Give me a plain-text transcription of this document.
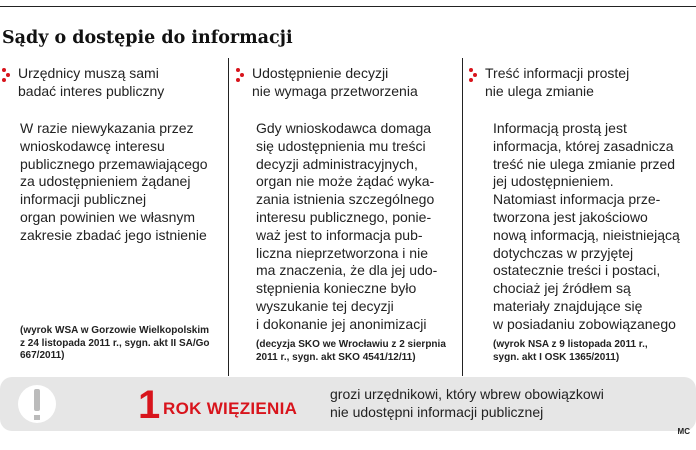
Sądy o dostępie do informacji
Urzędnicy muszą sami
badać interes publiczny
W razie niewykazania przez
wnioskodawcę interesu
publicznego przemawiającego
za udostępnieniem żądanej
informacji publicznej
organ powinien we własnym
zakresie zbadać jego istnienie
(wyrok WSA w Gorzowie Wielkopolskim
z 24 listopada 2011 r., sygn. akt II SA/Go
667/2011)
Udostępnienie decyzji
nie wymaga przetworzenia
Gdy wnioskodawca domaga
się udostępnienia mu treści
decyzji administracyjnych,
organ nie może żądać wyka-
zania istnienia szczególnego
interesu publicznego, ponie-
waż jest to informacja pub-
liczna nieprzetworzona i nie
ma znaczenia, że dla jej udo-
stępnienia konieczne było
wyszukanie tej decyzji
i dokonanie jej anonimizacji
(decyzja SKO we Wrocławiu z 2 sierpnia
2011 r., sygn. akt SKO 4541/12/11)
Treść informacji prostej
nie ulega zmianie
Informacją prostą jest
informacja, której zasadnicza
treść nie ulega zmianie przed
jej udostępnieniem.
Natomiast informacja prze-
tworzona jest jakościowo
nową informacją, nieistniejącą
dotychczas w przyjętej
ostatecznie treści i postaci,
chociaż jej źródłem są
materiały znajdujące się
w posiadaniu zobowiązanego
(wyrok NSA z 9 listopada 2011 r.,
sygn. akt I OSK 1365/2011)
1 ROK WIĘZIENIA
grozi urzędnikowi, który wbrew obowiązkowi
nie udostępni informacji publicznej
MC
